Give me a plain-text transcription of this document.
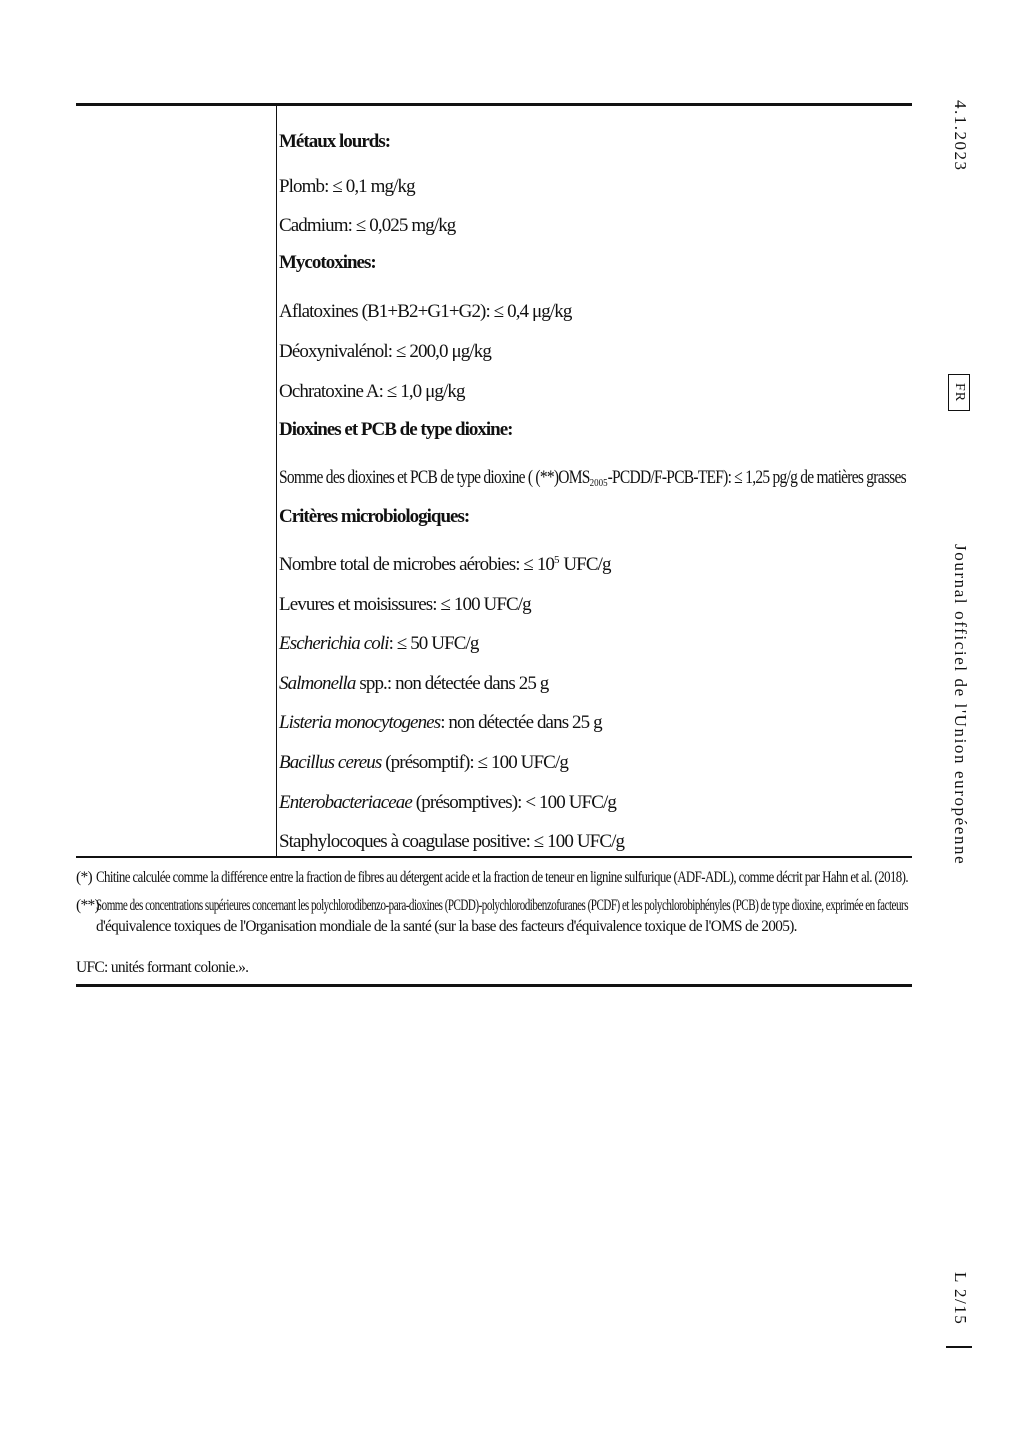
Métaux lourds:
Plomb: ≤ 0,1 mg/kg
Cadmium: ≤ 0,025 mg/kg
Mycotoxines:
Aflatoxines (B1+B2+G1+G2): ≤ 0,4 μg/kg
Déoxynivalénol: ≤ 200,0 μg/kg
Ochratoxine A: ≤ 1,0 μg/kg
Dioxines et PCB de type dioxine:
Somme des dioxines et PCB de type dioxine ( $(**)OMS_{2005}-PCDD/F-PCB-TEF$): ≤ 1,25 pg/g de matières grasses
Critères microbiologiques:
Nombre total de microbes aérobies: ≤ $10^5$ UFC/g
Levures et moisissures: ≤ 100 UFC/g
Escherichia coli: ≤ 50 UFC/g
Salmonella spp.: non détectée dans 25 g
Listeria monocytogenes: non détectée dans 25 g
Bacillus cereus (présomptif): ≤ 100 UFC/g
Enterobacteriaceae (présomptives): < 100 UFC/g
Staphylocoques à coagulase positive: ≤ 100 UFC/g
(*) Chitine calculée comme la différence entre la fraction de fibres au détergent acide et la fraction de teneur en lignine sulfurique (ADF-ADL), comme décrit par Hahn et al. (2018).
(**)
Somme des concentrations supérieures concernant les polychlorodibenzo-para-dioxines (PCDD)-polychlorodibenzofuranes (PCDF) et les polychlorobiphényles (PCB) de type dioxine, exprimée en facteurs
d'équivalence toxiques de l'Organisation mondiale de la santé (sur la base des facteurs d'équivalence toxique de l'OMS de 2005).
UFC: unités formant colonie.».
4.1.2023
FR
Journal officiel de l'Union européenne
L 2/15
